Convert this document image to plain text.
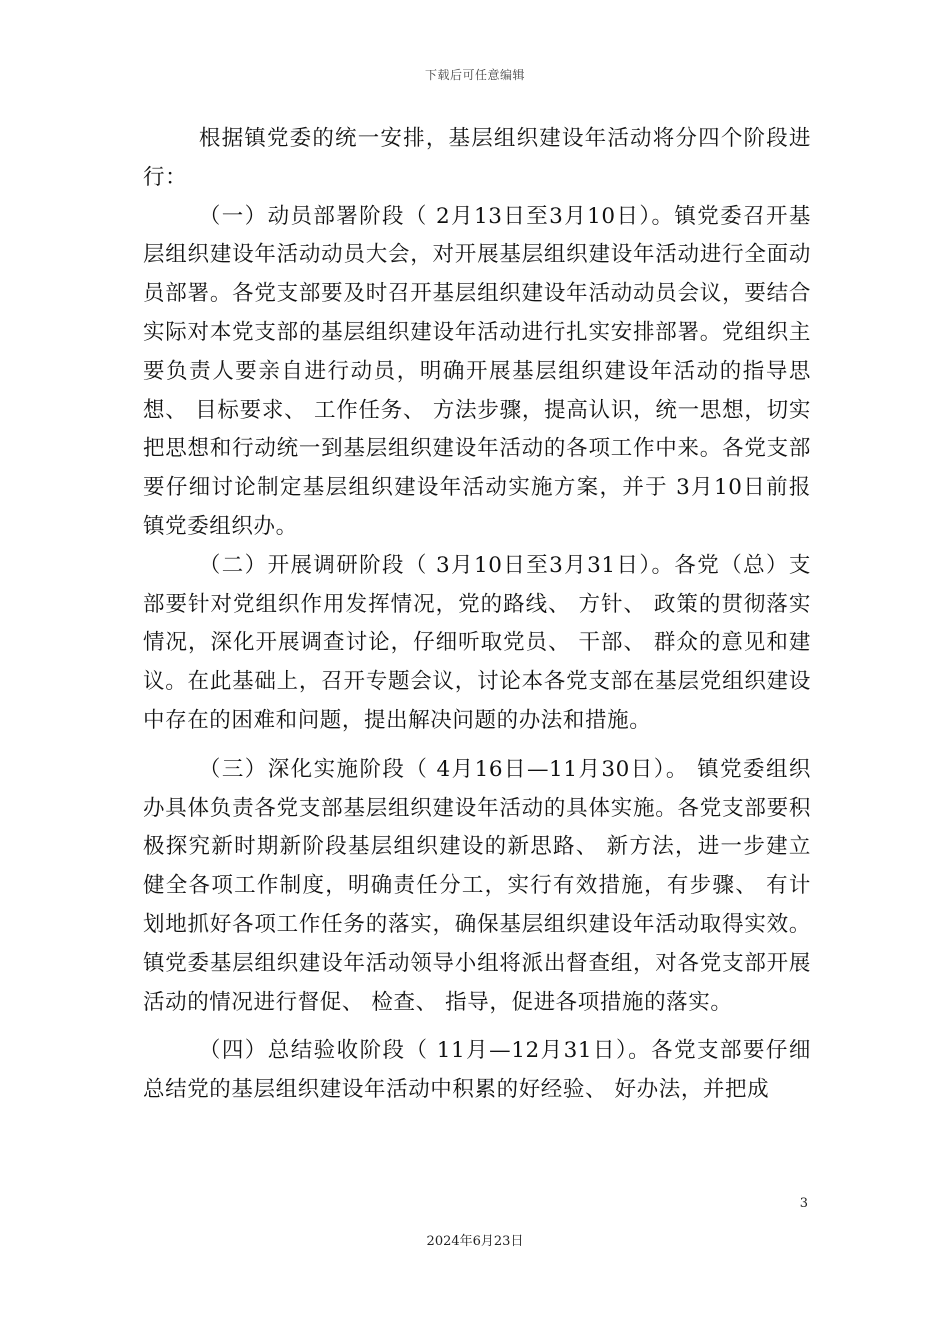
下载后可任意编辑

根据镇党委的统一安排，基层组织建设年活动将分四个阶段进行：

（一）动员部署阶段（ 2月13日至3月10日）。镇党委召开基层组织建设年活动动员大会，对开展基层组织建设年活动进行全面动员部署。各党支部要及时召开基层组织建设年活动动员会议，要结合实际对本党支部的基层组织建设年活动进行扎实安排部署。党组织主要负责人要亲自进行动员，明确开展基层组织建设年活动的指导思想、 目标要求、 工作任务、 方法步骤，提高认识，统一思想，切实把思想和行动统一到基层组织建设年活动的各项工作中来。各党支部要仔细讨论制定基层组织建设年活动实施方案，并于 3月10日前报镇党委组织办。

（二）开展调研阶段（ 3月10日至3月31日）。各党（总）支部要针对党组织作用发挥情况，党的路线、 方针、 政策的贯彻落实情况，深化开展调查讨论，仔细听取党员、 干部、 群众的意见和建议。在此基础上，召开专题会议，讨论本各党支部在基层党组织建设中存在的困难和问题，提出解决问题的办法和措施。

（三）深化实施阶段（ 4月16日—11月30日）。 镇党委组织办具体负责各党支部基层组织建设年活动的具体实施。各党支部要积极探究新时期新阶段基层组织建设的新思路、 新方法，进一步建立健全各项工作制度，明确责任分工，实行有效措施，有步骤、 有计划地抓好各项工作任务的落实，确保基层组织建设年活动取得实效。镇党委基层组织建设年活动领导小组将派出督查组，对各党支部开展活动的情况进行督促、 检查、 指导，促进各项措施的落实。

（四）总结验收阶段（ 11月—12月31日）。各党支部要仔细总结党的基层组织建设年活动中积累的好经验、 好办法，并把成

3
2024年6月23日
